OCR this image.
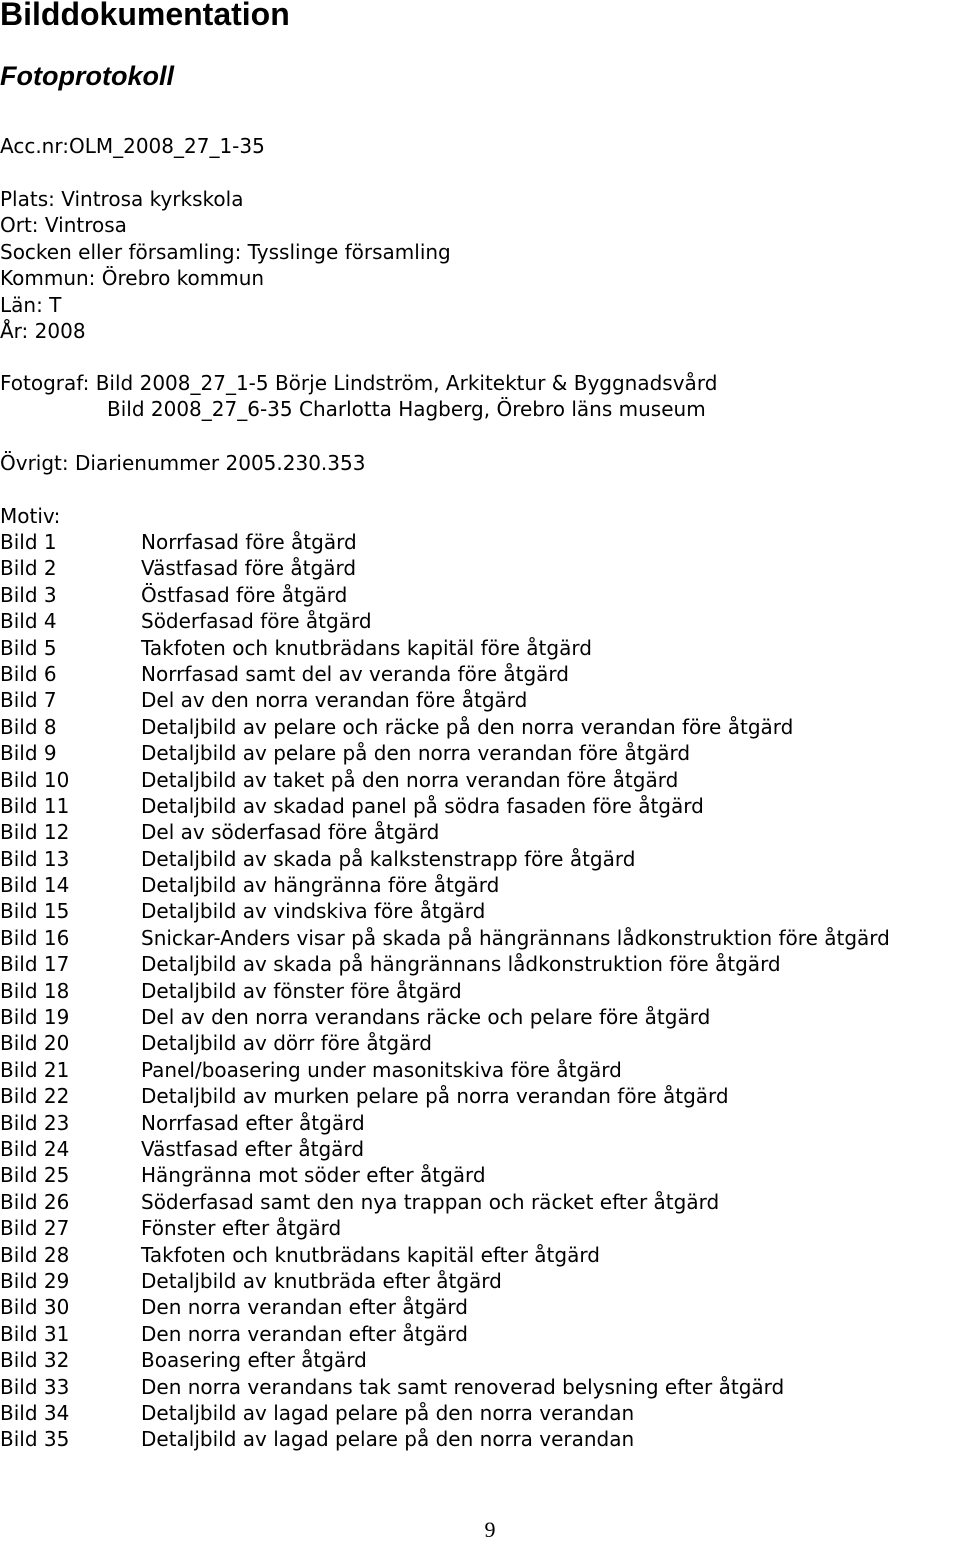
Bilddokumentation
Fotoprotokoll
Acc.nr:OLM_2008_27_1-35
Plats: Vintrosa kyrkskola
Ort: Vintrosa
Socken eller församling: Tysslinge församling
Kommun: Örebro kommun
Län: T
År: 2008
Fotograf: Bild 2008_27_1-5 Börje Lindström, Arkitektur & Byggnadsvård
Bild 2008_27_6-35 Charlotta Hagberg, Örebro läns museum
Övrigt: Diarienummer 2005.230.353
Motiv:
Bild 1	Norrfasad före åtgärd
Bild 2	Västfasad före åtgärd
Bild 3	Östfasad före åtgärd
Bild 4	Söderfasad före åtgärd
Bild 5	Takfoten och knutbrädans kapitäl före åtgärd
Bild 6	Norrfasad samt del av veranda före åtgärd
Bild 7	Del av den norra verandan före åtgärd
Bild 8	Detaljbild av pelare och räcke på den norra verandan före åtgärd
Bild 9	Detaljbild av pelare på den norra verandan före åtgärd
Bild 10	Detaljbild av taket på den norra verandan före åtgärd
Bild 11	Detaljbild av skadad panel på södra fasaden före åtgärd
Bild 12	Del av söderfasad före åtgärd
Bild 13	Detaljbild av skada på kalkstenstrapp före åtgärd
Bild 14	Detaljbild av hängränna före åtgärd
Bild 15	Detaljbild av vindskiva före åtgärd
Bild 16	Snickar-Anders visar på skada på hängrännans lådkonstruktion före åtgärd
Bild 17	Detaljbild av skada på hängrännans lådkonstruktion före åtgärd
Bild 18	Detaljbild av fönster före åtgärd
Bild 19	Del av den norra verandans räcke och pelare före åtgärd
Bild 20	Detaljbild av dörr före åtgärd
Bild 21	Panel/boasering under masonitskiva före åtgärd
Bild 22	Detaljbild av murken pelare på norra verandan före åtgärd
Bild 23	Norrfasad efter åtgärd
Bild 24	Västfasad efter åtgärd
Bild 25	Hängränna mot söder efter åtgärd
Bild 26	Söderfasad samt den nya trappan och räcket efter åtgärd
Bild 27	Fönster efter åtgärd
Bild 28	Takfoten och knutbrädans kapitäl efter åtgärd
Bild 29	Detaljbild av knutbräda efter åtgärd
Bild 30	Den norra verandan efter åtgärd
Bild 31	Den norra verandan efter åtgärd
Bild 32	Boasering efter åtgärd
Bild 33	Den norra verandans tak samt renoverad belysning efter åtgärd
Bild 34	Detaljbild av lagad pelare på den norra verandan
Bild 35	Detaljbild av lagad pelare på den norra verandan
9
